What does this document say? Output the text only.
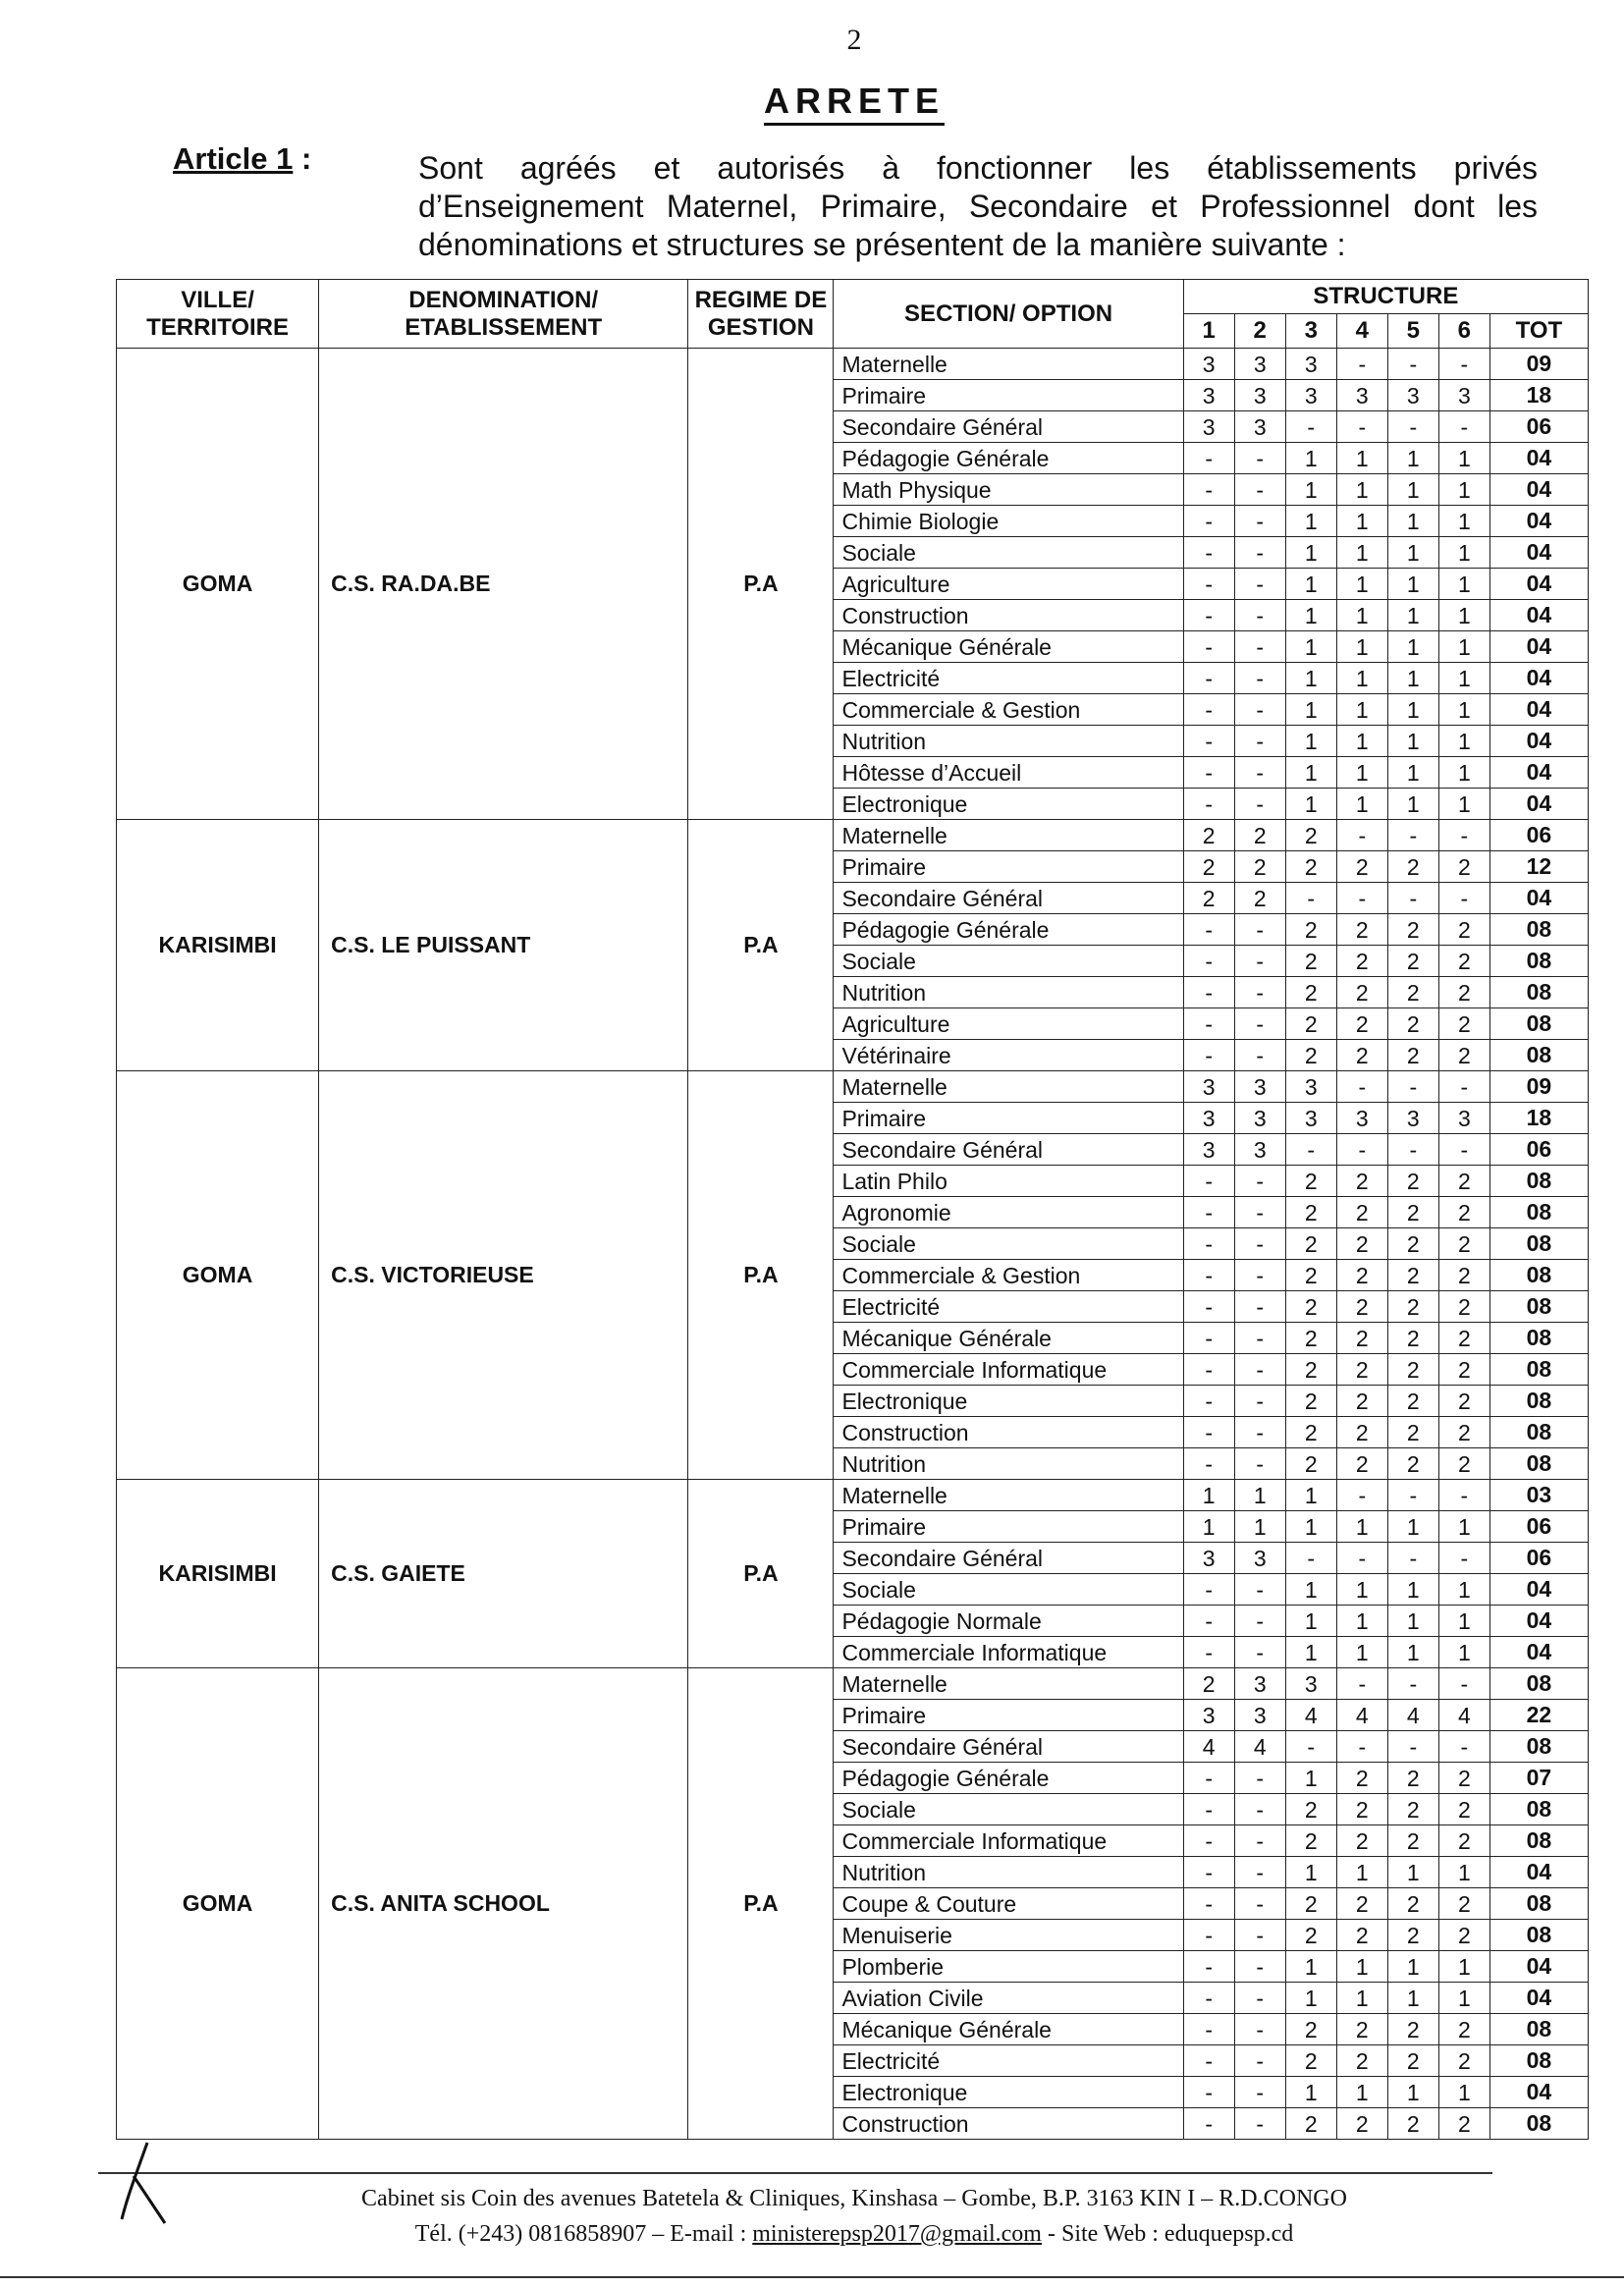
2
ARRETE
Article 1 :	Sont agréés et autorisés à fonctionner les établissements privés d’Enseignement Maternel, Primaire, Secondaire et Professionnel dont les dénominations et structures se présentent de la manière suivante :
VILLE/ TERRITOIRE	DENOMINATION/ ETABLISSEMENT	REGIME DE GESTION	SECTION/ OPTION	STRUCTURE						
				1	2	3	4	5	6	TOT
GOMA	C.S. RA.DA.BE	P.A	Maternelle	3	3	3	-	-	-	09
			Primaire	3	3	3	3	3	3	18
			Secondaire Général	3	3	-	-	-	-	06
			Pédagogie Générale	-	-	1	1	1	1	04
			Math Physique	-	-	1	1	1	1	04
			Chimie Biologie	-	-	1	1	1	1	04
			Sociale	-	-	1	1	1	1	04
			Agriculture	-	-	1	1	1	1	04
			Construction	-	-	1	1	1	1	04
			Mécanique Générale	-	-	1	1	1	1	04
			Electricité	-	-	1	1	1	1	04
			Commerciale & Gestion	-	-	1	1	1	1	04
			Nutrition	-	-	1	1	1	1	04
			Hôtesse d’Accueil	-	-	1	1	1	1	04
			Electronique	-	-	1	1	1	1	04
KARISIMBI	C.S. LE PUISSANT	P.A	Maternelle	2	2	2	-	-	-	06
			Primaire	2	2	2	2	2	2	12
			Secondaire Général	2	2	-	-	-	-	04
			Pédagogie Générale	-	-	2	2	2	2	08
			Sociale	-	-	2	2	2	2	08
			Nutrition	-	-	2	2	2	2	08
			Agriculture	-	-	2	2	2	2	08
			Vétérinaire	-	-	2	2	2	2	08
GOMA	C.S. VICTORIEUSE	P.A	Maternelle	3	3	3	-	-	-	09
			Primaire	3	3	3	3	3	3	18
			Secondaire Général	3	3	-	-	-	-	06
			Latin Philo	-	-	2	2	2	2	08
			Agronomie	-	-	2	2	2	2	08
			Sociale	-	-	2	2	2	2	08
			Commerciale & Gestion	-	-	2	2	2	2	08
			Electricité	-	-	2	2	2	2	08
			Mécanique Générale	-	-	2	2	2	2	08
			Commerciale Informatique	-	-	2	2	2	2	08
			Electronique	-	-	2	2	2	2	08
			Construction	-	-	2	2	2	2	08
			Nutrition	-	-	2	2	2	2	08
KARISIMBI	C.S. GAIETE	P.A	Maternelle	1	1	1	-	-	-	03
			Primaire	1	1	1	1	1	1	06
			Secondaire Général	3	3	-	-	-	-	06
			Sociale	-	-	1	1	1	1	04
			Pédagogie Normale	-	-	1	1	1	1	04
			Commerciale Informatique	-	-	1	1	1	1	04
GOMA	C.S. ANITA SCHOOL	P.A	Maternelle	2	3	3	-	-	-	08
			Primaire	3	3	4	4	4	4	22
			Secondaire Général	4	4	-	-	-	-	08
			Pédagogie Générale	-	-	1	2	2	2	07
			Sociale	-	-	2	2	2	2	08
			Commerciale Informatique	-	-	2	2	2	2	08
			Nutrition	-	-	1	1	1	1	04
			Coupe & Couture	-	-	2	2	2	2	08
			Menuiserie	-	-	2	2	2	2	08
			Plomberie	-	-	1	1	1	1	04
			Aviation Civile	-	-	1	1	1	1	04
			Mécanique Générale	-	-	2	2	2	2	08
			Electricité	-	-	2	2	2	2	08
			Electronique	-	-	1	1	1	1	04
			Construction	-	-	2	2	2	2	08
Cabinet sis Coin des avenues Batetela & Cliniques, Kinshasa – Gombe, B.P. 3163 KIN I – R.D.CONGO
Tél. (+243) 0816858907 – E-mail : ministerepsp2017@gmail.com - Site Web : eduquepsp.cd
